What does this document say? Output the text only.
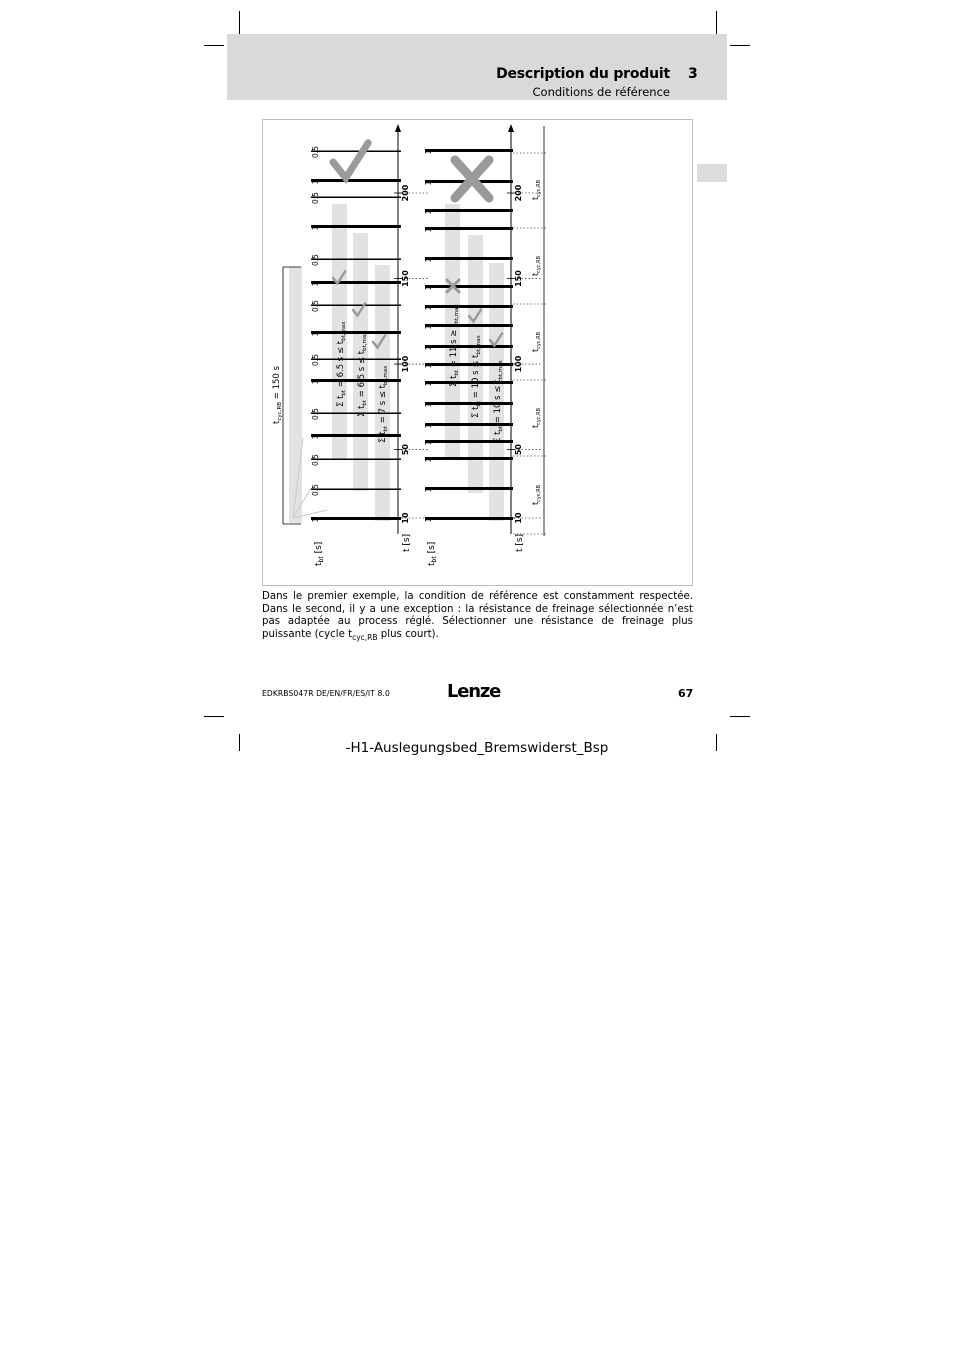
Description du produit 3
Conditions de référence
1
0.5
0.5
1
0.5
1
0.5
1
0.5
1
0.5
1
0.5
1
0.5
1
1
1
1
1
1
1
1
1
1
1
1
1
1
1
1
1
10
50
100
150
200
10
50
100
150
200
$t_{bt}$ [s]	t [s]
$t_{bt}$ [s]	t [s]
$t_{cyc,RB}$
$t_{cyc,RB}$
$t_{cyc,RB}$
$t_{cyc,RB}$
$t_{cyc,RB}$
$t_{cyc,RB} = 150$ s	Σ $t_{bt} = 6.5$ $s \le t_{bt,max}$
Σ $t_{bt} = 6.5$ $s \le t_{bt,max}$
Σ $t_{bt} = 7$ $s \le t_{bt,max}$	Σ $t_{bt} = 11$ $s \ge t_{bt,max}$
Σ $t_{bt} = 10$ $s \le t_{bt,max}$
Σ $t_{bt} = 10$ $s \le t_{bt,max}$
Dans le premier exemple, la condition de référence est constamment respectée. Dans le second, il y a une exception : la résistance de freinage sélectionnée n’est pas adaptée au process réglé. Sélectionner une résistance de freinage plus puissante (cycle $t_{cyc,RB}$ plus court).
EDKRBS047R DE/EN/FR/ES/IT 8.0	Lenze	67
-H1-Auslegungsbed_Bremswiderst_Bsp
